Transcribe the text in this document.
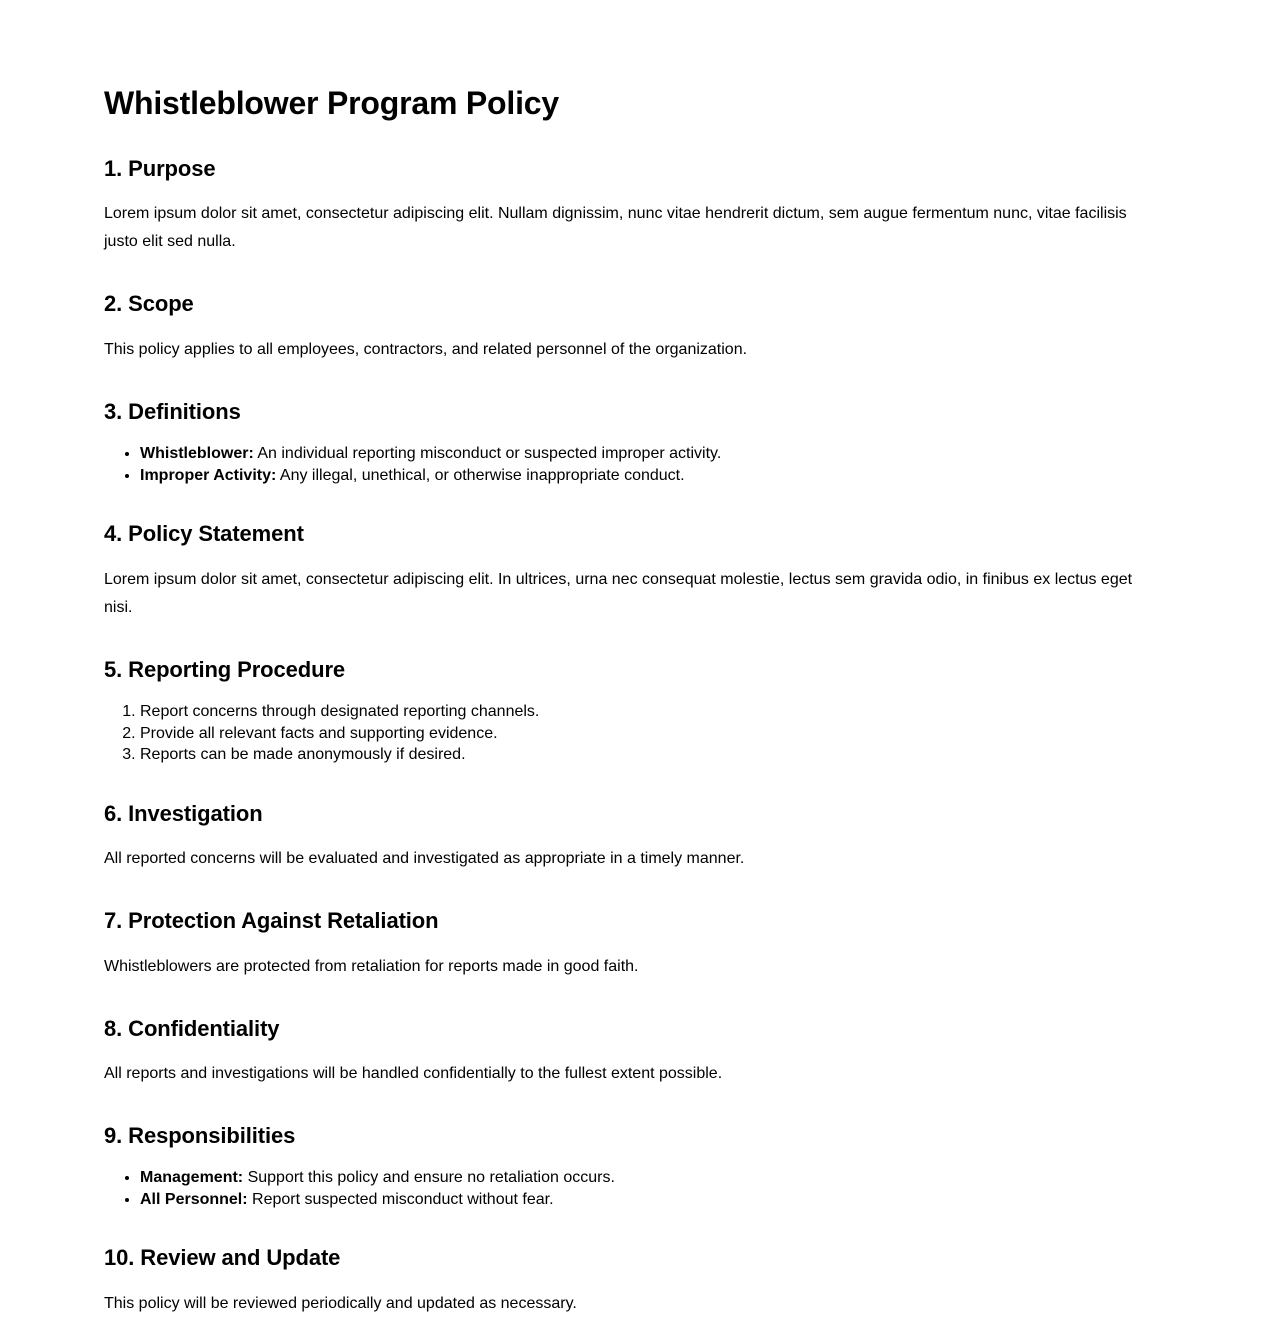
Whistleblower Program Policy
1. Purpose

Lorem ipsum dolor sit amet, consectetur adipiscing elit. Nullam dignissim, nunc vitae hendrerit dictum, sem augue fermentum nunc, vitae facilisis justo elit sed nulla.

2. Scope

This policy applies to all employees, contractors, and related personnel of the organization.

3. Definitions
• Whistleblower: An individual reporting misconduct or suspected improper activity.
• Improper Activity: Any illegal, unethical, or otherwise inappropriate conduct.
4. Policy Statement

Lorem ipsum dolor sit amet, consectetur adipiscing elit. In ultrices, urna nec consequat molestie, lectus sem gravida odio, in finibus ex lectus eget nisi.

5. Reporting Procedure
1. Report concerns through designated reporting channels.
2. Provide all relevant facts and supporting evidence.
3. Reports can be made anonymously if desired.
6. Investigation

All reported concerns will be evaluated and investigated as appropriate in a timely manner.

7. Protection Against Retaliation

Whistleblowers are protected from retaliation for reports made in good faith.

8. Confidentiality

All reports and investigations will be handled confidentially to the fullest extent possible.

9. Responsibilities
• Management: Support this policy and ensure no retaliation occurs.
• All Personnel: Report suspected misconduct without fear.
10. Review and Update

This policy will be reviewed periodically and updated as necessary.
